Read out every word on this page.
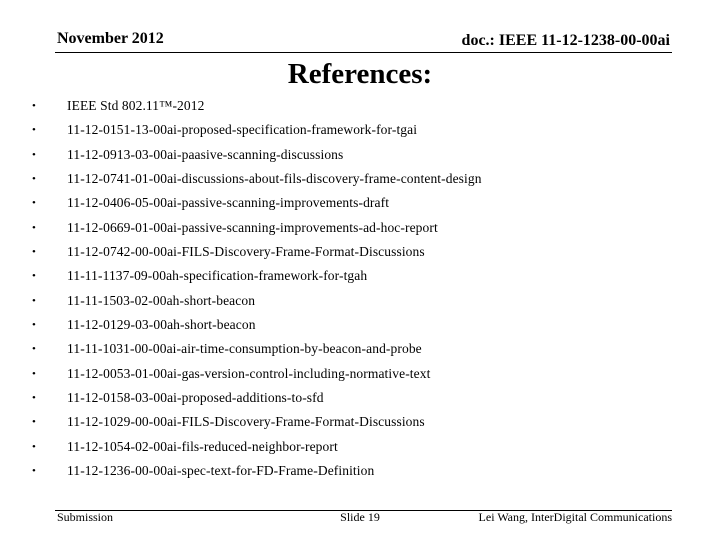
November 2012	doc.: IEEE 11-12-1238-00-00ai
References:
• IEEE Std 802.11™-2012
• 11-12-0151-13-00ai-proposed-specification-framework-for-tgai
• 11-12-0913-03-00ai-paasive-scanning-discussions
• 11-12-0741-01-00ai-discussions-about-fils-discovery-frame-content-design
• 11-12-0406-05-00ai-passive-scanning-improvements-draft
• 11-12-0669-01-00ai-passive-scanning-improvements-ad-hoc-report
• 11-12-0742-00-00ai-FILS-Discovery-Frame-Format-Discussions
• 11-11-1137-09-00ah-specification-framework-for-tgah
• 11-11-1503-02-00ah-short-beacon
• 11-12-0129-03-00ah-short-beacon
• 11-11-1031-00-00ai-air-time-consumption-by-beacon-and-probe
• 11-12-0053-01-00ai-gas-version-control-including-normative-text
• 11-12-0158-03-00ai-proposed-additions-to-sfd
• 11-12-1029-00-00ai-FILS-Discovery-Frame-Format-Discussions
• 11-12-1054-02-00ai-fils-reduced-neighbor-report
• 11-12-1236-00-00ai-spec-text-for-FD-Frame-Definition
Submission	Slide 19	Lei Wang, InterDigital Communications
